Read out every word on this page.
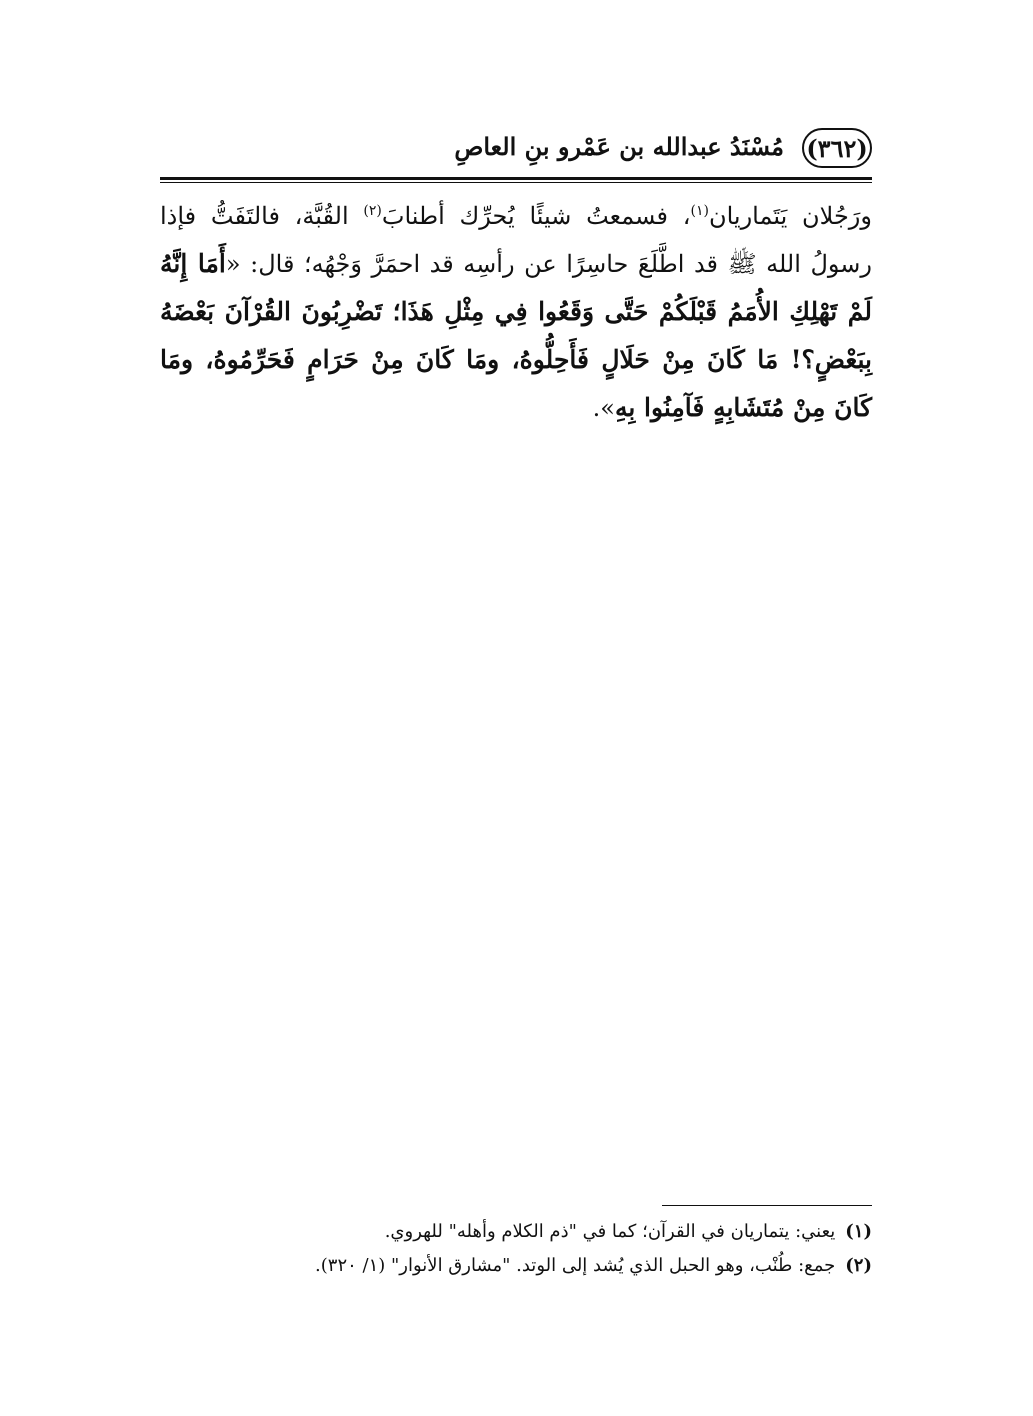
(٣٦٢)
مُسْنَدُ عبدالله بن عَمْرو بنِ العاصِ
ورَجُلان يَتَماريان$^{(١)}$، فسمعتُ شيئًا يُحرِّك أطنابَ$^{(٢)}$ القُبَّة، فالتَفَتُّ فإذا رسولُ الله ﷺ قد اطَّلَعَ حاسِرًا عن رأسِه قد احمَرَّ وَجْهُه؛ قال: «أَمَا إِنَّهُ لَمْ تَهْلِكِ الأُمَمُ قَبْلَكُمْ حَتَّى وَقَعُوا فِي مِثْلِ هَذَا؛ تَضْرِبُونَ القُرْآنَ بَعْضَهُ بِبَعْضٍ؟! مَا كَانَ مِنْ حَلَالٍ فَأَحِلُّوهُ، ومَا كَانَ مِنْ حَرَامٍ فَحَرِّمُوهُ، ومَا كَانَ مِنْ مُتَشَابِهٍ فَآمِنُوا بِهِ».
(١)يعني: يتماريان في القرآن؛ كما في "ذم الكلام وأهله" للهروي.
(٢)جمع: طُنْب، وهو الحبل الذي يُشد إلى الوتد. "مشارق الأنوار" (١/ ٣٢٠).
